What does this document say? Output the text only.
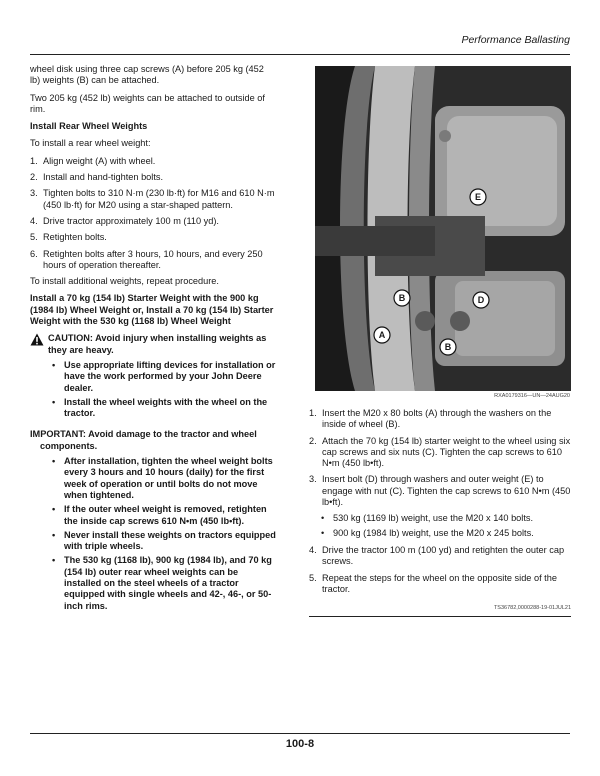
Performance Ballasting

wheel disk using three cap screws (A) before 205 kg (452 lb) weights (B) can be attached.

Two 205 kg (452 lb) weights can be attached to outside of rim.

Install Rear Wheel Weights

To install a rear wheel weight:

1. Align weight (A) with wheel.
2. Install and hand-tighten bolts.
3. Tighten bolts to 310 N·m (230 lb·ft) for M16 and 610 N·m (450 lb·ft) for M20 using a star-shaped pattern.
4. Drive tractor approximately 100 m (110 yd).
5. Retighten bolts.
6. Retighten bolts after 3 hours, 10 hours, and every 250 hours of operation thereafter.

To install additional weights, repeat procedure.

Install a 70 kg (154 lb) Starter Weight with the 900 kg (1984 lb) Wheel Weight or, Install a 70 kg (154 lb) Starter Weight with the 530 kg (1168 lb) Wheel Weight

CAUTION: Avoid injury when installing weights as they are heavy.
• Use appropriate lifting devices for installation or have the work performed by your John Deere dealer.
• Install the wheel weights with the wheel on the tractor.

IMPORTANT: Avoid damage to the tractor and wheel components.

• After installation, tighten the wheel weight bolts every 3 hours and 10 hours (daily) for the first week of operation or until bolts do not move when tightened.
• If the outer wheel weight is removed, retighten the inside cap screws 610 N•m (450 lb•ft).
• Never install these weights on tractors equipped with triple wheels.
• The 530 kg (1168 lb), 900 kg (1984 lb), and 70 kg (154 lb) outer rear wheel weights can be installed on the steel wheels of a tractor equipped with single wheels and 42-, 46-, or 50-inch rims.
E
B	D
A
B
RXA0179316—UN—24AUG20
1. Insert the M20 x 80 bolts (A) through the washers on the inside of wheel (B).
2. Attach the 70 kg (154 lb) starter weight to the wheel using six cap screws and six nuts (C). Tighten the cap screws to 610 N•m (450 lb•ft).
3. Insert bolt (D) through washers and outer weight (E) to engage with nut (C). Tighten the cap screws to 610 N•m (450 lb•ft).
• 530 kg (1169 lb) weight, use the M20 x 140 bolts.
• 900 kg (1984 lb) weight, use the M20 x 245 bolts.
4. Drive the tractor 100 m (100 yd) and retighten the outer cap screws.
5. Repeat the steps for the wheel on the opposite side of the tractor.
TS36782,0000288-19-01JUL21
100-8
